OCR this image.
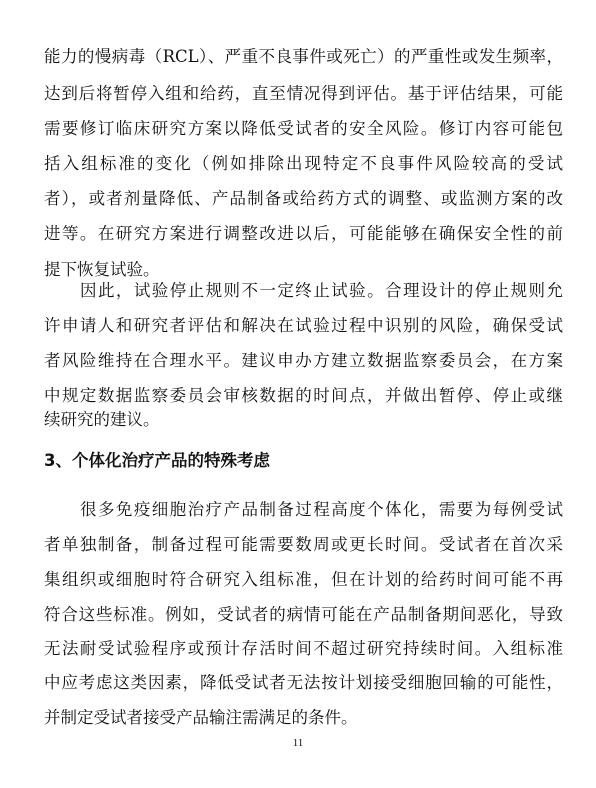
能力的慢病毒（RCL）、严重不良事件或死亡）的严重性或发生频率，
达到后将暂停入组和给药，直至情况得到评估。基于评估结果，可能
需要修订临床研究方案以降低受试者的安全风险。修订内容可能包
括入组标准的变化（例如排除出现特定不良事件风险较高的受试
者），或者剂量降低、产品制备或给药方式的调整、或监测方案的改
进等。在研究方案进行调整改进以后，可能能够在确保安全性的前
提下恢复试验。
因此，试验停止规则不一定终止试验。合理设计的停止规则允
许申请人和研究者评估和解决在试验过程中识别的风险，确保受试
者风险维持在合理水平。建议申办方建立数据监察委员会，在方案
中规定数据监察委员会审核数据的时间点，并做出暂停、停止或继
续研究的建议。
3、个体化治疗产品的特殊考虑
很多免疫细胞治疗产品制备过程高度个体化，需要为每例受试
者单独制备，制备过程可能需要数周或更长时间。受试者在首次采
集组织或细胞时符合研究入组标准，但在计划的给药时间可能不再
符合这些标准。例如，受试者的病情可能在产品制备期间恶化，导致
无法耐受试验程序或预计存活时间不超过研究持续时间。入组标准
中应考虑这类因素，降低受试者无法按计划接受细胞回输的可能性，
并制定受试者接受产品输注需满足的条件。
11
